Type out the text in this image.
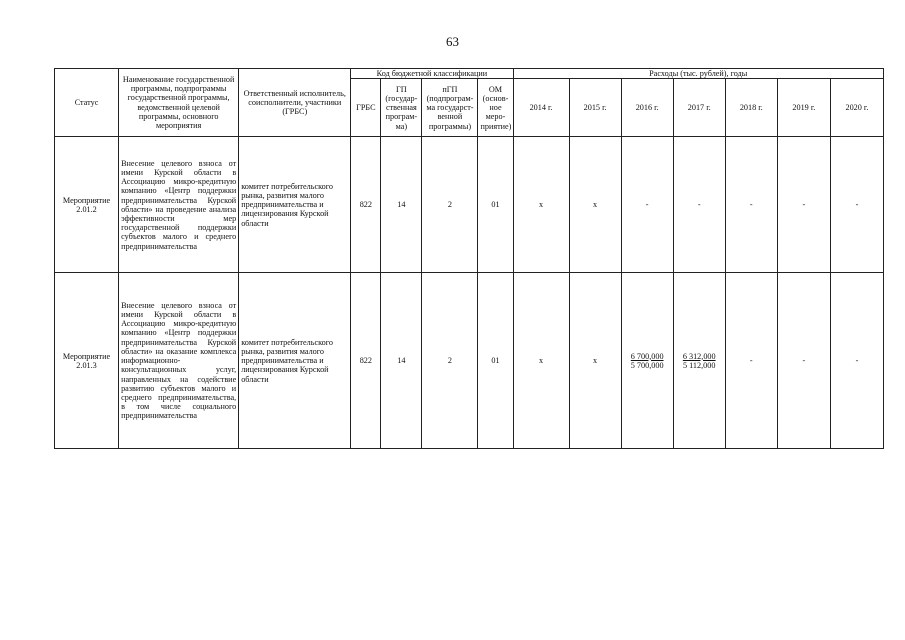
63
Статус	Наименование государственной программы, подпрограммы государственной программы, ведомственной целевой программы, основного мероприятия	Ответственный исполнитель, соисполнители, участники (ГРБС)	Код бюджетной классификации				Расходы (тыс. рублей), годы						
			ГРБС	ГП (государ-ственная програм-ма)	пГП (подпрограм-ма государст-венной программы)	ОМ (основ-ное меро-приятие)	2014 г.	2015 г.	2016 г.	2017 г.	2018 г.	2019 г.	2020 г.
Мероприятие 2.01.2	Внесение целевого взноса от имени Курской области в Ассоциацию микро-кредитную компанию «Центр поддержки предпринимательства Курской области» на проведение анализа эффективности мер государственной поддержки субъектов малого и среднего предпринимательства	комитет потребительского рынка, развития малого предпринимательства и лицензирования Курской области	822	14	2	01	х	х	-	-	-	-	-
Мероприятие 2.01.3	Внесение целевого взноса от имени Курской области в Ассоциацию микро-кредитную компанию «Центр поддержки предпринимательства Курской области» на оказание комплекса информационно-консультационных услуг, направленных на содействие развитию субъектов малого и среднего предпринимательства, в том числе социального предпринимательства	комитет потребительского рынка, развития малого предпринимательства и лицензирования Курской области	822	14	2	01	х	х	6 700,000
5 700,000	6 312,000
5 112,000	-	-	-
